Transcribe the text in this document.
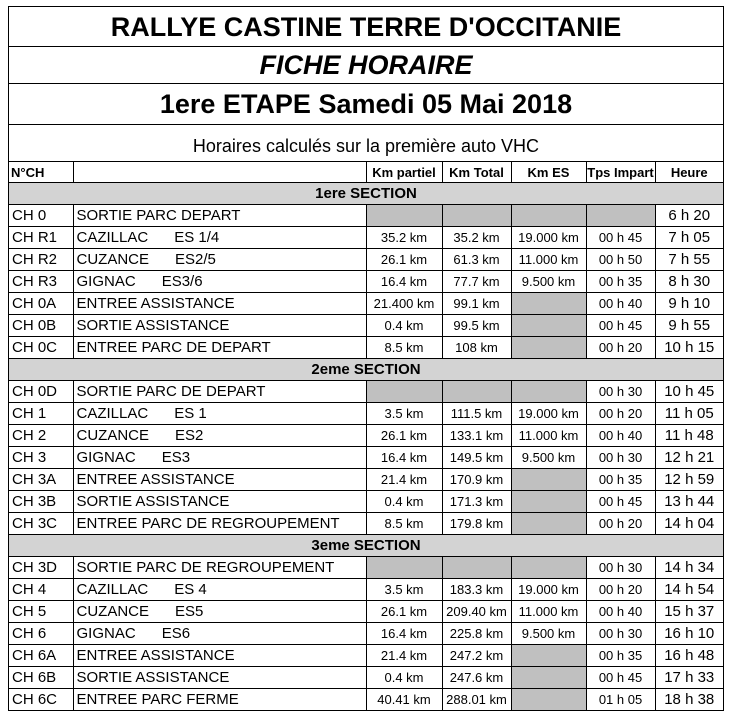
RALLYE CASTINE TERRE D'OCCITANIE
FICHE HORAIRE
1ere ETAPE Samedi 05 Mai 2018
Horaires calculés sur la première auto VHC
N°CH		Km partiel	Km Total	Km ES	Tps Impart	Heure
1ere SECTION						
CH 0	SORTIE PARC DEPART					6 h 20
CH R1	CAZILLAC ES 1/4	35.2 km	35.2 km	19.000 km	00 h 45	7 h 05
CH R2	CUZANCE ES2/5	26.1 km	61.3 km	11.000 km	00 h 50	7 h 55
CH R3	GIGNAC ES3/6	16.4 km	77.7 km	9.500 km	00 h 35	8 h 30
CH 0A	ENTREE ASSISTANCE	21.400 km	99.1 km		00 h 40	9 h 10
CH 0B	SORTIE ASSISTANCE	0.4 km	99.5 km		00 h 45	9 h 55
CH 0C	ENTREE PARC DE DEPART	8.5 km	108 km		00 h 20	10 h 15
2eme SECTION						
CH 0D	SORTIE PARC DE DEPART				00 h 30	10 h 45
CH 1	CAZILLAC ES 1	3.5 km	111.5 km	19.000 km	00 h 20	11 h 05
CH 2	CUZANCE ES2	26.1 km	133.1 km	11.000 km	00 h 40	11 h 48
CH 3	GIGNAC ES3	16.4 km	149.5 km	9.500 km	00 h 30	12 h 21
CH 3A	ENTREE ASSISTANCE	21.4 km	170.9 km		00 h 35	12 h 59
CH 3B	SORTIE ASSISTANCE	0.4 km	171.3 km		00 h 45	13 h 44
CH 3C	ENTREE PARC DE REGROUPEMENT	8.5 km	179.8 km		00 h 20	14 h 04
3eme SECTION						
CH 3D	SORTIE PARC DE REGROUPEMENT				00 h 30	14 h 34
CH 4	CAZILLAC ES 4	3.5 km	183.3 km	19.000 km	00 h 20	14 h 54
CH 5	CUZANCE ES5	26.1 km	209.40 km	11.000 km	00 h 40	15 h 37
CH 6	GIGNAC ES6	16.4 km	225.8 km	9.500 km	00 h 30	16 h 10
CH 6A	ENTREE ASSISTANCE	21.4 km	247.2 km		00 h 35	16 h 48
CH 6B	SORTIE ASSISTANCE	0.4 km	247.6 km		00 h 45	17 h 33
CH 6C	ENTREE PARC FERME	40.41 km	288.01 km		01 h 05	18 h 38
